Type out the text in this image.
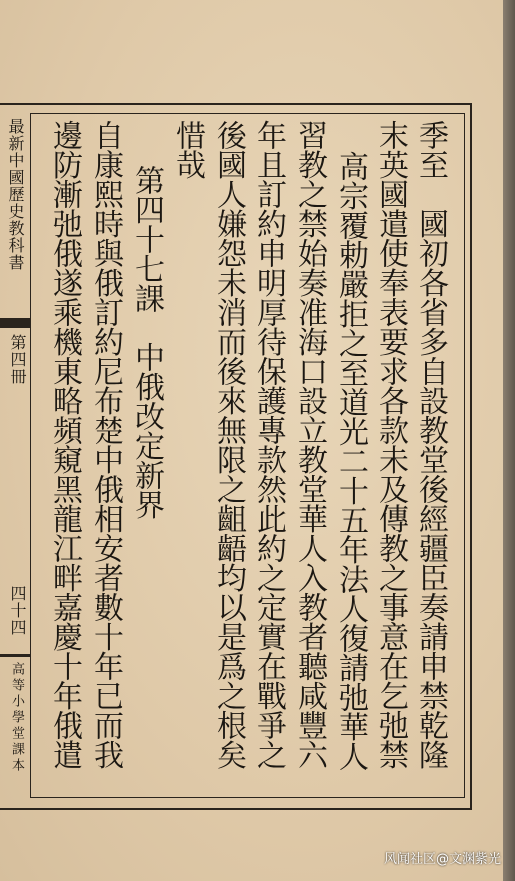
最新中國歷史教科書
第四冊
四十四
高等小學堂課本	季至　國初各省多自設教堂後經疆臣奏請申禁乾隆
末英國遣使奉表要求各款未及傳教之事意在乞弛禁
高宗覆勅嚴拒之至道光二十五年法人復請弛華人
習教之禁始奏准海口設立教堂華人入教者聽咸豐六
年且訂約申明厚待保護專款然此約之定實在戰爭之
後國人嫌怨未消而後來無限之齟齬均以是爲之根矣
惜哉
第四十七課　中俄改定新界
自康熙時與俄訂約尼布楚中俄相安者數十年已而我
邊防漸弛俄遂乘機東略頻窺黑龍江畔嘉慶十年俄遣
风闻社区@文渊紫光
